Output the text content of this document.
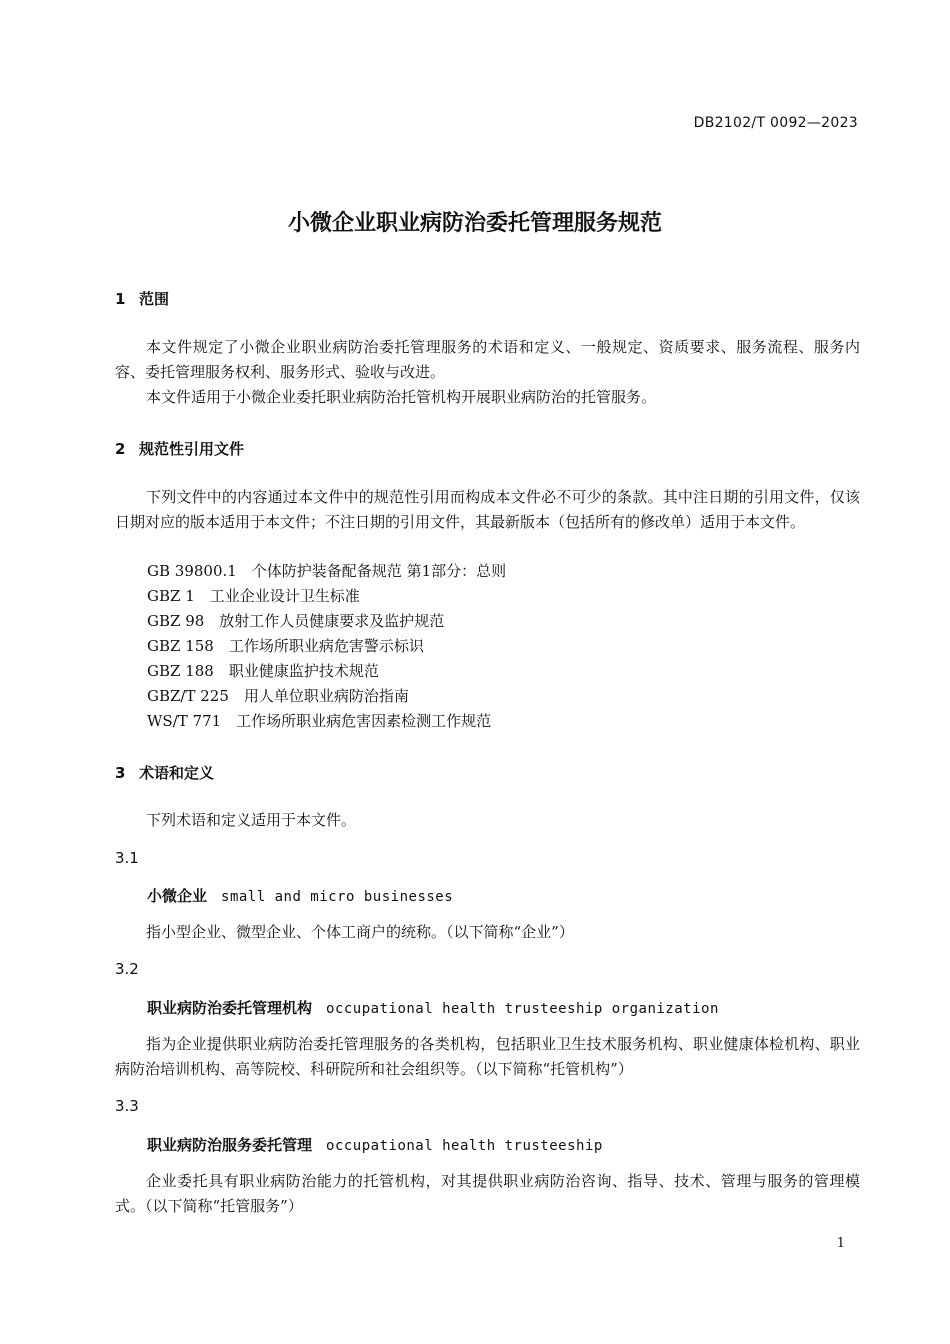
DB2102/T 0092—2023
小微企业职业病防治委托管理服务规范
1 范围
本文件规定了小微企业职业病防治委托管理服务的术语和定义、一般规定、资质要求、服务流程、服务内容、委托管理服务权利、服务形式、验收与改进。
本文件适用于小微企业委托职业病防治托管机构开展职业病防治的托管服务。
2 规范性引用文件
下列文件中的内容通过本文件中的规范性引用而构成本文件必不可少的条款。其中注日期的引用文件，仅该日期对应的版本适用于本文件；不注日期的引用文件，其最新版本（包括所有的修改单）适用于本文件。
GB 39800.1　个体防护装备配备规范 第1部分：总则
GBZ 1　工业企业设计卫生标准
GBZ 98　放射工作人员健康要求及监护规范
GBZ 158　工作场所职业病危害警示标识
GBZ 188　职业健康监护技术规范
GBZ/T 225　用人单位职业病防治指南
WS/T 771　工作场所职业病危害因素检测工作规范
3 术语和定义
下列术语和定义适用于本文件。
3.1
小微企业 small and micro businesses
指小型企业、微型企业、个体工商户的统称。（以下简称“企业”）
3.2
职业病防治委托管理机构 occupational health trusteeship organization
指为企业提供职业病防治委托管理服务的各类机构，包括职业卫生技术服务机构、职业健康体检机构、职业病防治培训机构、高等院校、科研院所和社会组织等。（以下简称“托管机构”）
3.3
职业病防治服务委托管理 occupational health trusteeship
企业委托具有职业病防治能力的托管机构，对其提供职业病防治咨询、指导、技术、管理与服务的管理模式。（以下简称“托管服务”）
1
